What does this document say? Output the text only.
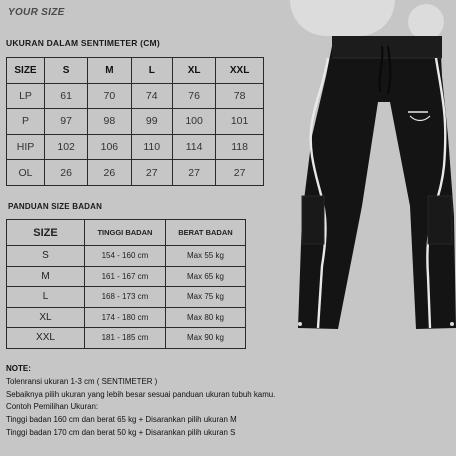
YOUR SIZE
UKURAN DALAM SENTIMETER (CM)
SIZE	S	M	L	XL	XXL
LP	61	70	74	76	78
P	97	98	99	100	101
HIP	102	106	110	114	118
OL	26	26	27	27	27
PANDUAN SIZE BADAN
SIZE	TINGGI BADAN	BERAT BADAN
S	154 - 160 cm	Max 55 kg
M	161 - 167 cm	Max 65 kg
L	168 - 173 cm	Max 75 kg
XL	174 - 180 cm	Max 80 kg
XXL	181 - 185 cm	Max 90 kg
NOTE:
Tolenransi ukuran 1-3 cm ( SENTIMETER )
Sebaiknya pilih ukuran yang lebih besar sesuai panduan ukuran tubuh kamu.
Contoh Pemilihan Ukuran:
Tinggi badan 160 cm dan berat 65 kg + Disarankan pilih ukuran M
Tinggi badan 170 cm dan berat 50 kg + Disarankan pilih ukuran S
